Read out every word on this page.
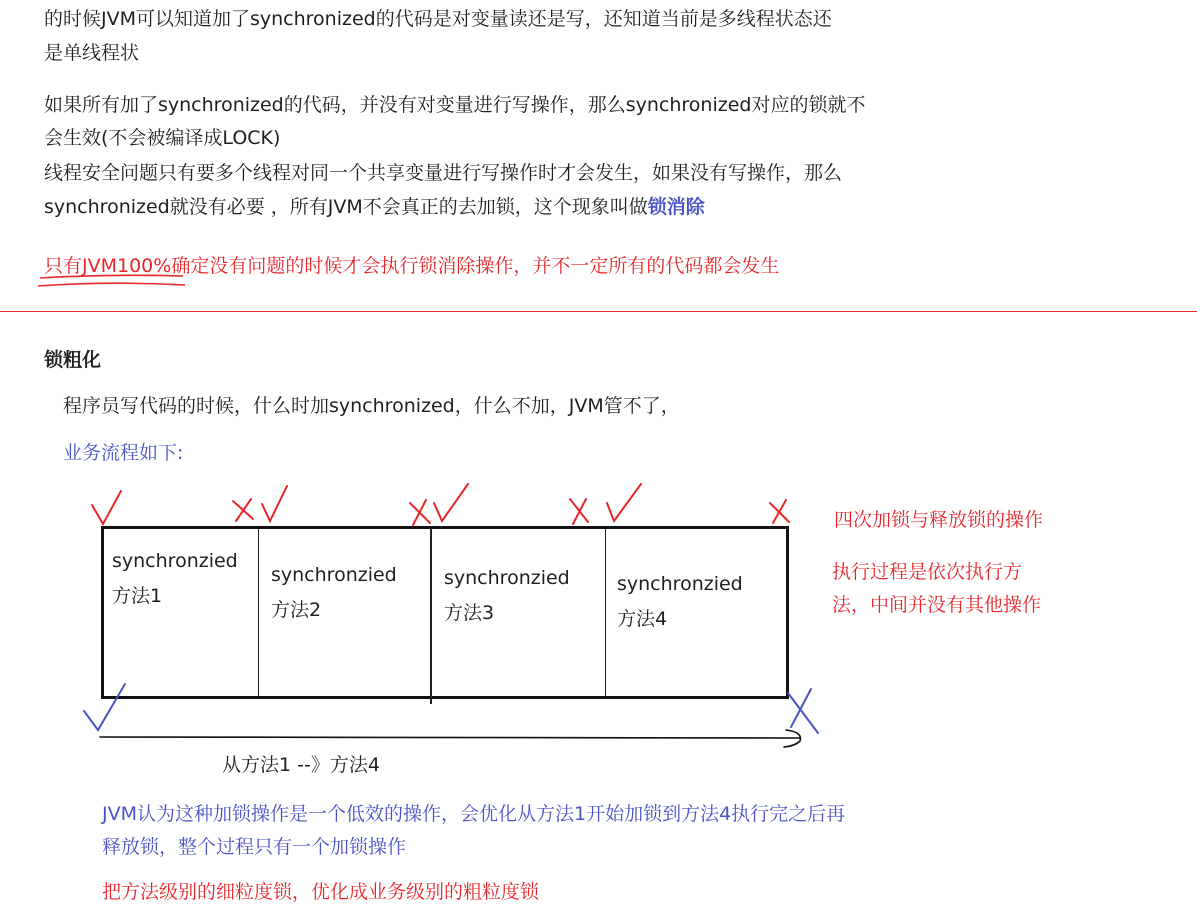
的时候JVM可以知道加了synchronized的代码是对变量读还是写，还知道当前是多线程状态还
是单线程状
如果所有加了synchronized的代码，并没有对变量进行写操作，那么synchronized对应的锁就不
会生效(不会被编译成LOCK)
线程安全问题只有要多个线程对同一个共享变量进行写操作时才会发生，如果没有写操作，那么
synchronized就没有必要 ，所有JVM不会真正的去加锁，这个现象叫做锁消除
只有JVM100%确定没有问题的时候才会执行锁消除操作，并不一定所有的代码都会发生
锁粗化
程序员写代码的时候，什么时加synchronized，什么不加，JVM管不了，
业务流程如下:
synchronzied
方法1
synchronzied
方法2
synchronzied
方法3
synchronzied
方法4
四次加锁与释放锁的操作
执行过程是依次执行方
法，中间并没有其他操作
从方法1 --》方法4
JVM认为这种加锁操作是一个低效的操作，会优化从方法1开始加锁到方法4执行完之后再
释放锁，整个过程只有一个加锁操作
把方法级别的细粒度锁，优化成业务级别的粗粒度锁
